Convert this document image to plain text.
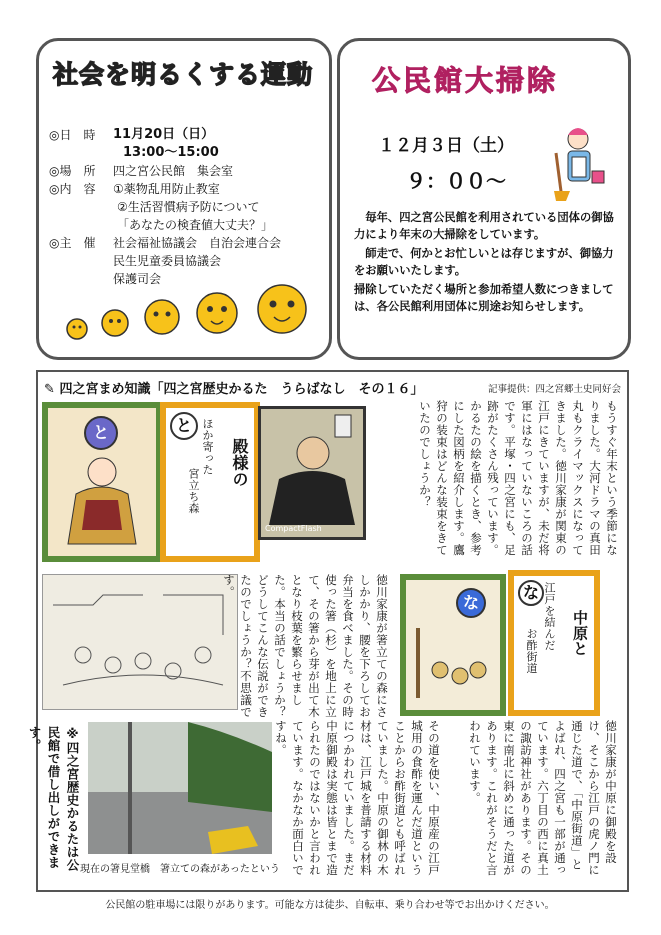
社会を明るくする運動
◎日　時 11月20日（日）
13:00～15:00
◎場　所 四之宮公民館　集会室
◎内　容 ①薬物乱用防止教室
②生活習慣病予防について
「あなたの検査値大丈夫？」
◎主　催 社会福祉協議会　自治会連合会
民生児童委員協議会
保護司会
公民館大掃除
１２月３日（土）
９：００～
毎年、四之宮公民館を利用されている団体の御協力により年末の大掃除をしています。
師走で、何かとお忙しいとは存じますが、御協力をお願いいたします。
掃除していただく場所と参加希望人数につきましては、各公民館利用団体に別途お知らせします。
✎ 四之宮まめ知識「四之宮歴史かるた　うらばなし　その１６」	記事提供：四之宮郷土史同好会
と	と
殿様の
ほか寄った
宮立ち森
CompactFlash	もうすぐ年末という季節になりました。大河ドラマの真田丸もクライマックスになってきました。徳川家康が関東の江戸にきていますが、未だ将軍にはなっていないころの話です。平塚・四之宮にも、足跡がたくさん残っています。かるたの絵を描くとき、参考にした図柄を紹介します。鷹狩の装束はどんな装束をきていたのでしょうか？
徳川家康が箸立ての森にさしかかり、腰を下ろしてお弁当を食べました。その時使った箸（杉）を地上に立て、その箸から芽が出て木となり枝葉を繁らせました。本当の話でしょうか？どうしてこんな伝説ができたのでしょうか？不思議です。
な
な
中原と
江戸を結んだ
お酢街道
※四之宮歴史かるたは公民館で借し出しができます。
現在の箸見堂橋　箸立ての森があったという	その道を使い、中原産の江戸城用の食酢を運んだ道ということからお酢街道とも呼ばれていました。中原の御林の木材は、江戸城を普請する材料につかわれていました。まだ中原御殿は実態は皆とまで造られたのではないかと言われています。なかなか面白いですね。	徳川家康が中原に御殿を設け、そこから江戸の虎ノ門に通じた道で、「中原街道」とよばれ、四之宮も一部が通っています。六丁目の西に真土の諏訪神社があります。その東に南北に斜めに通った道があります。これがそうだと言われています。
公民館の駐車場には限りがあります。可能な方は徒歩、自転車、乗り合わせ等でお出かけください。
